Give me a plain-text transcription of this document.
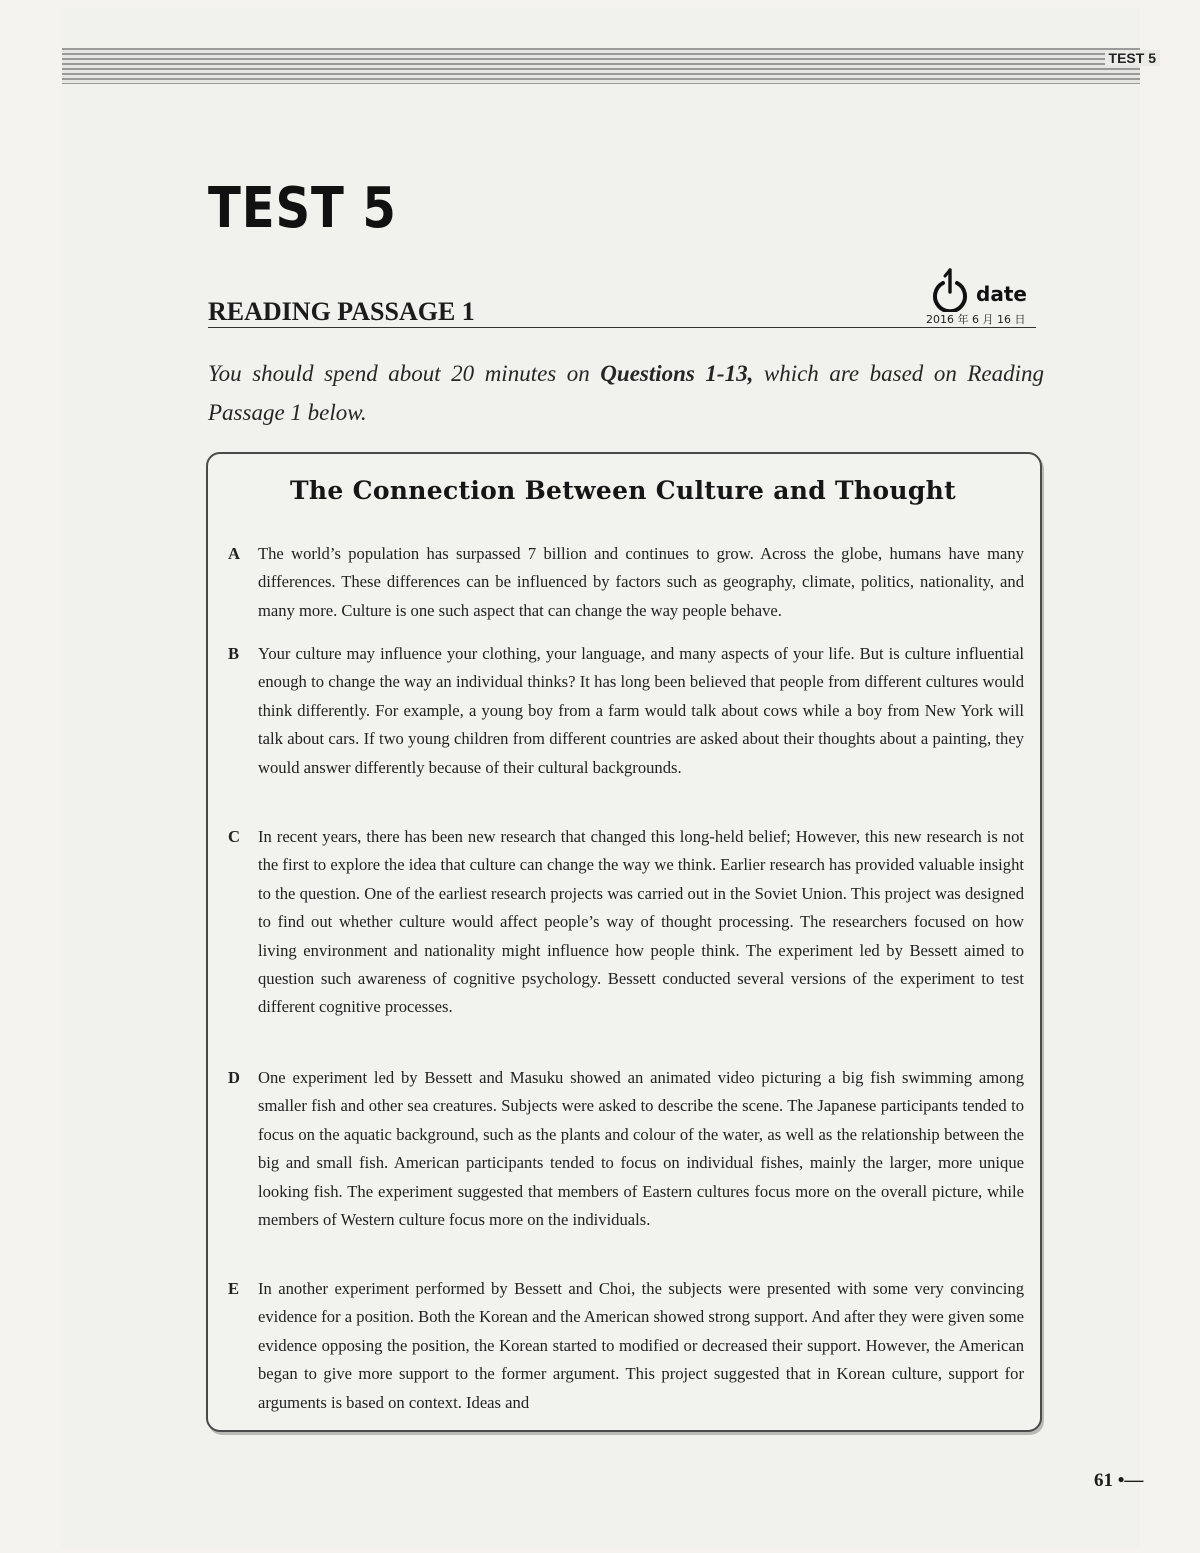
TEST 5
TEST 5
READING PASSAGE 1
date
2016 年 6 月 16 日
You should spend about 20 minutes on Questions 1-13, which are based on Reading Passage 1 below.
The Connection Between Culture and Thought
A The world’s population has surpassed 7 billion and continues to grow. Across the globe, humans have many differences. These differences can be influenced by factors such as geography, climate, politics, nationality, and many more. Culture is one such aspect that can change the way people behave.
B Your culture may influence your clothing, your language, and many aspects of your life. But is culture influential enough to change the way an individual thinks? It has long been believed that people from different cultures would think differently. For example, a young boy from a farm would talk about cows while a boy from New York will talk about cars. If two young children from different countries are asked about their thoughts about a painting, they would answer differently because of their cultural backgrounds.
C In recent years, there has been new research that changed this long-held belief; However, this new research is not the first to explore the idea that culture can change the way we think. Earlier research has provided valuable insight to the question. One of the earliest research projects was carried out in the Soviet Union. This project was designed to find out whether culture would affect people’s way of thought processing. The researchers focused on how living environment and nationality might influence how people think. The experiment led by Bessett aimed to question such awareness of cognitive psychology. Bessett conducted several versions of the experiment to test different cognitive processes.
D One experiment led by Bessett and Masuku showed an animated video picturing a big fish swimming among smaller fish and other sea creatures. Subjects were asked to describe the scene. The Japanese participants tended to focus on the aquatic background, such as the plants and colour of the water, as well as the relationship between the big and small fish. American participants tended to focus on individual fishes, mainly the larger, more unique looking fish. The experiment suggested that members of Eastern cultures focus more on the overall picture, while members of Western culture focus more on the individuals.
E In another experiment performed by Bessett and Choi, the subjects were presented with some very convincing evidence for a position. Both the Korean and the American showed strong support. And after they were given some evidence opposing the position, the Korean started to modified or decreased their support. However, the American began to give more support to the former argument. This project suggested that in Korean culture, support for arguments is based on context. Ideas and
61 •—
